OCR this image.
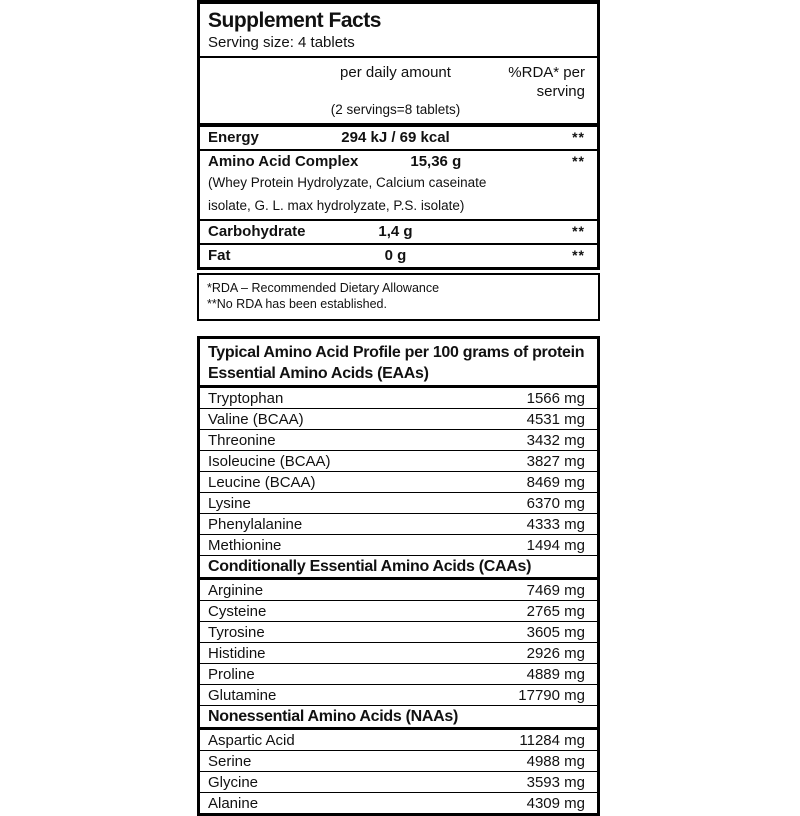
Supplement Facts
Serving size: 4 tablets
per daily amount	%RDA* per serving
(2 servings=8 tablets)
Energy	294 kJ / 69 kcal	**
Amino Acid Complex	15,36 g	**
(Whey Protein Hydrolyzate, Calcium caseinate
isolate, G. L. max hydrolyzate, P.S. isolate)
Carbohydrate	1,4 g	**
Fat	0 g	**
*RDA – Recommended Dietary Allowance
**No RDA has been established.
Typical Amino Acid Profile per 100 grams of protein
Essential Amino Acids (EAAs)
Tryptophan	1566 mg
Valine (BCAA)	4531 mg
Threonine	3432 mg
Isoleucine (BCAA)	3827 mg
Leucine (BCAA)	8469 mg
Lysine	6370 mg
Phenylalanine	4333 mg
Methionine	1494 mg
Conditionally Essential Amino Acids (CAAs)
Arginine	7469 mg
Cysteine	2765 mg
Tyrosine	3605 mg
Histidine	2926 mg
Proline	4889 mg
Glutamine	17790 mg
Nonessential Amino Acids (NAAs)
Aspartic Acid	11284 mg
Serine	4988 mg
Glycine	3593 mg
Alanine	4309 mg
